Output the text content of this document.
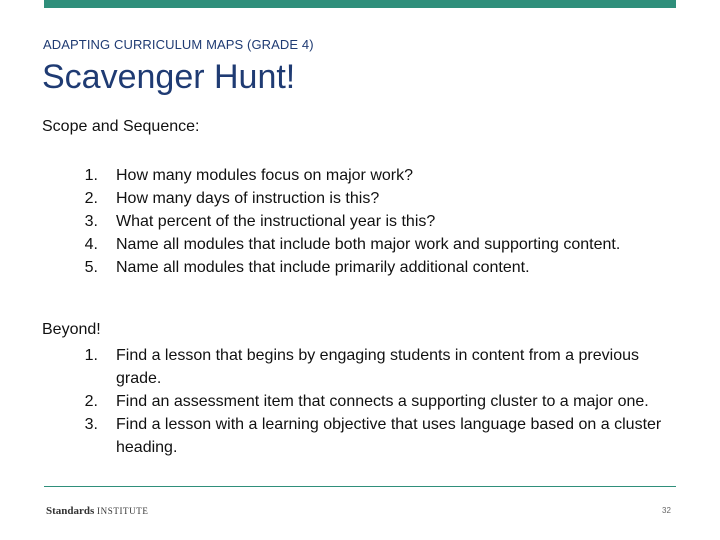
ADAPTING CURRICULUM MAPS (GRADE 4)
Scavenger Hunt!
Scope and Sequence:
1. How many modules focus on major work?
2. How many days of instruction is this?
3. What percent of the instructional year is this?
4. Name all modules that include both major work and supporting content.
5. Name all modules that include primarily additional content.
Beyond!
1. Find a lesson that begins by engaging students in content from a previous grade.
2. Find an assessment item that connects a supporting cluster to a major one.
3. Find a lesson with a learning objective that uses language based on a cluster heading.
Standards INSTITUTE	32
